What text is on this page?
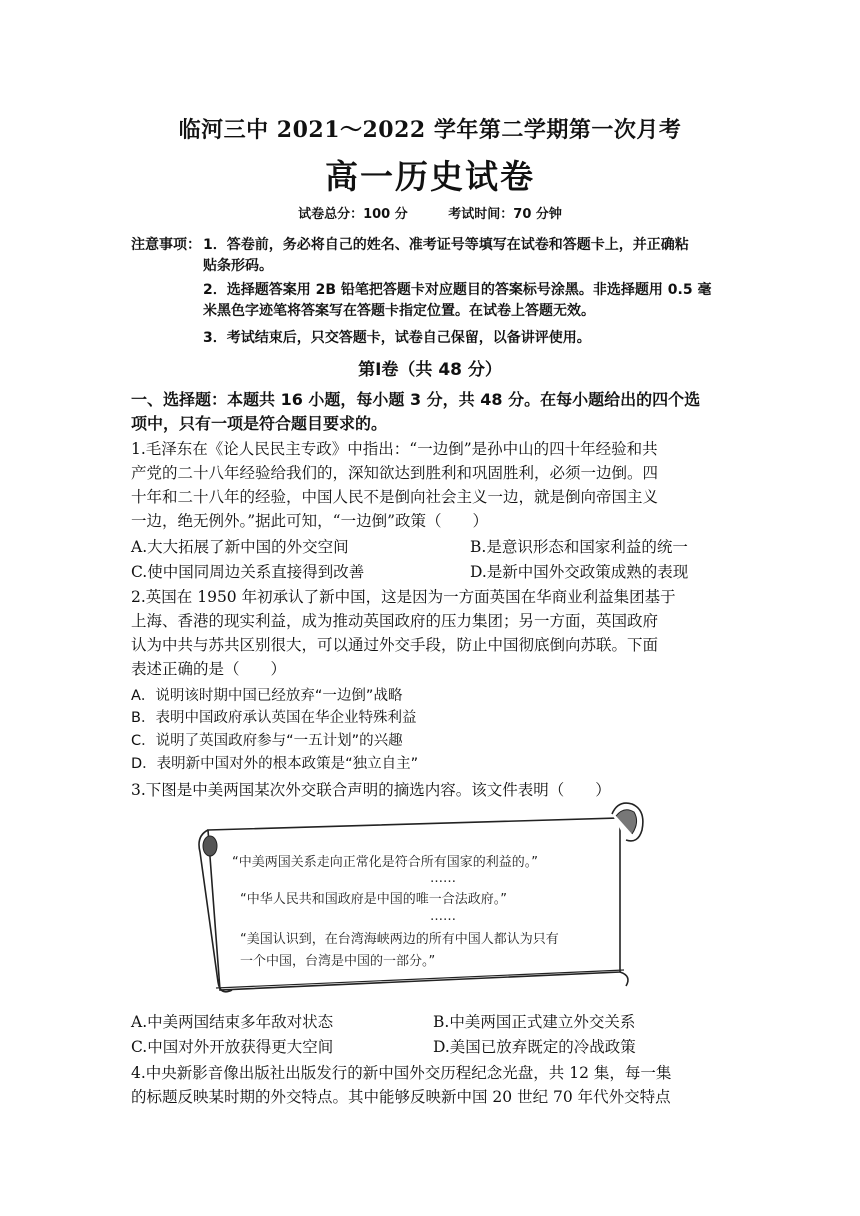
临河三中 2021～2022 学年第二学期第一次月考
高一历史试卷
试卷总分：100 分	考试时间：70 分钟
注意事项： 1．答卷前，务必将自己的姓名、准考证号等填写在试卷和答题卡上，并正确粘
贴条形码。
2．选择题答案用 2B 铅笔把答题卡对应题目的答案标号涂黑。非选择题用 0.5 毫
米黑色字迹笔将答案写在答题卡指定位置。在试卷上答题无效。
3．考试结束后，只交答题卡，试卷自己保留，以备讲评使用。
第Ⅰ卷（共 48 分）
一、选择题：本题共 16 小题，每小题 3 分，共 48 分。在每小题给出的四个选
项中，只有一项是符合题目要求的。
1.毛泽东在《论人民民主专政》中指出：“一边倒”是孙中山的四十年经验和共
产党的二十八年经验给我们的，深知欲达到胜利和巩固胜利，必须一边倒。四
十年和二十八年的经验，中国人民不是倒向社会主义一边，就是倒向帝国主义
一边，绝无例外。”据此可知，“一边倒”政策（　　）
A.大大拓展了新中国的外交空间	B.是意识形态和国家利益的统一
C.使中国同周边关系直接得到改善	D.是新中国外交政策成熟的表现
2.英国在 1950 年初承认了新中国，这是因为一方面英国在华商业利益集团基于
上海、香港的现实利益，成为推动英国政府的压力集团；另一方面，英国政府
认为中共与苏共区别很大，可以通过外交手段，防止中国彻底倒向苏联。下面
表述正确的是（　　）
A．说明该时期中国已经放弃“一边倒”战略
B．表明中国政府承认英国在华企业特殊利益
C．说明了英国政府参与“一五计划”的兴趣
D．表明新中国对外的根本政策是“独立自主”
3.下图是中美两国某次外交联合声明的摘选内容。该文件表明（　　）
“中美两国关系走向正常化是符合所有国家的利益的。”
……
“中华人民共和国政府是中国的唯一合法政府。”
……
“美国认识到，在台湾海峡两边的所有中国人都认为只有
一个中国，台湾是中国的一部分。”
A.中美两国结束多年敌对状态	B.中美两国正式建立外交关系
C.中国对外开放获得更大空间	D.美国已放弃既定的冷战政策
4.中央新影音像出版社出版发行的新中国外交历程纪念光盘，共 12 集，每一集
的标题反映某时期的外交特点。其中能够反映新中国 20 世纪 70 年代外交特点
